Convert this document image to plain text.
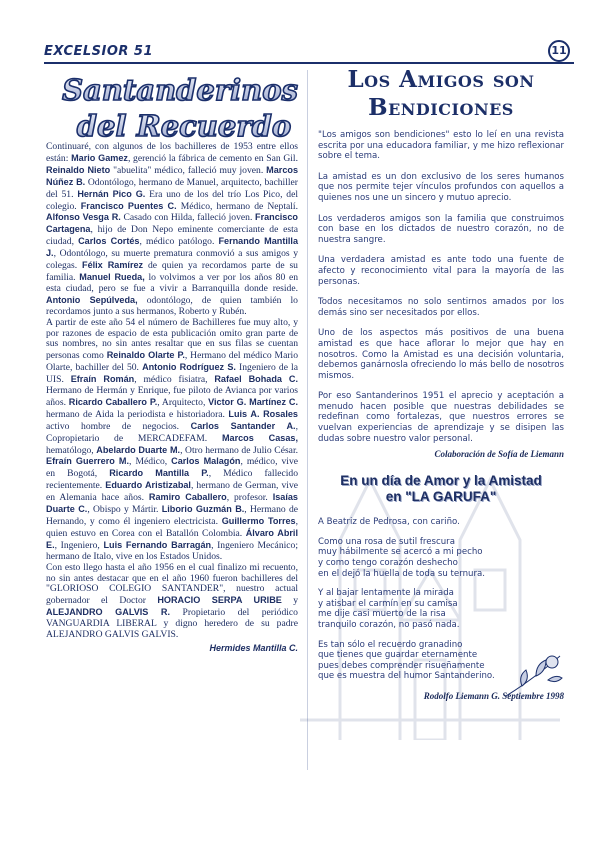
EXCELSIOR 51	11
Santanderinos
del Recuerdo

Continuaré, con algunos de los bachilleres de 1953 entre ellos están: Mario Gamez, gerenció la fábrica de cemento en San Gil. Reinaldo Nieto "abuelita" médico, falleció muy joven. Marcos Núñez B. Odontólogo, hermano de Manuel, arquitecto, bachiller del 51. Hernán Pico G. Era uno de los del trío Los Pico, del colegio. Francisco Puentes C. Médico, hermano de Neptalí. Alfonso Vesga R. Casado con Hilda, falleció joven. Francisco Cartagena, hijo de Don Nepo eminente comerciante de esta ciudad, Carlos Cortés, médico patólogo. Fernando Mantilla J., Odontólogo, su muerte prematura conmovió a sus amigos y colegas. Félix Ramírez de quien ya recordamos parte de su familia. Manuel Rueda, lo volvimos a ver por los años 80 en esta ciudad, pero se fue a vivir a Barranquilla donde reside. Antonio Sepúlveda, odontólogo, de quien también lo recordamos junto a sus hermanos, Roberto y Rubén.

A partir de este año 54 el número de Bachilleres fue muy alto, y por razones de espacio de esta publicación omito gran parte de sus nombres, no sin antes resaltar que en sus filas se cuentan personas como Reinaldo Olarte P., Hermano del médico Mario Olarte, bachiller del 50. Antonio Rodríguez S. Ingeniero de la UIS. Efraín Román, médico fisiatra, Rafael Bohada C. Hermano de Hermán y Enrique, fue piloto de Avianca por varios años. Ricardo Caballero P., Arquitecto, Victor G. Martínez C. hermano de Aida la periodista e historiadora. Luis A. Rosales activo hombre de negocios. Carlos Santander A., Copropietario de MERCADEFAM. Marcos Casas, hematólogo, Abelardo Duarte M., Otro hermano de Julio César. Efraín Guerrero M., Médico, Carlos Malagón, médico, vive en Bogotá, Ricardo Mantilla P., Médico fallecido recientemente. Eduardo Aristizabal, hermano de German, vive en Alemania hace años. Ramiro Caballero, profesor. Isaías Duarte C., Obispo y Mártir. Liborio Guzmán B., Hermano de Hernando, y como él ingeniero electricista. Guillermo Torres, quien estuvo en Corea con el Batallón Colombia. Álvaro Abril E., Ingeniero, Luis Fernando Barragán, Ingeniero Mecánico; hermano de Italo, vive en los Estados Unidos.

Con esto llego hasta el año 1956 en el cual finalizo mi recuento, no sin antes destacar que en el año 1960 fueron bachilleres del "GLORIOSO COLEGIO SANTANDER", nuestro actual gobernador el Doctor HORACIO SERPA URIBE y ALEJANDRO GALVIS R. Propietario del periódico VANGUARDIA LIBERAL y digno heredero de su padre ALEJANDRO GALVIS GALVIS.

Hermides Mantilla C.
Los Amigos son
Bendiciones

"Los amigos son bendiciones" esto lo leí en una revista escrita por una educadora familiar, y me hizo reflexionar sobre el tema.

La amistad es un don exclusivo de los seres humanos que nos permite tejer vínculos profundos con aquellos a quienes nos une un sincero y mutuo aprecio.

Los verdaderos amigos son la familia que construimos con base en los dictados de nuestro corazón, no de nuestra sangre.

Una verdadera amistad es ante todo una fuente de afecto y reconocimiento vital para la mayoría de las personas.

Todos necesitamos no solo sentirnos amados por los demás sino ser necesitados por ellos.

Uno de los aspectos más positivos de una buena amistad es que hace aflorar lo mejor que hay en nosotros. Como la Amistad es una decisión voluntaria, debemos ganárnosla ofreciendo lo más bello de nosotros mismos.

Por eso Santanderinos 1951 el aprecio y aceptación a menudo hacen posible que nuestras debilidades se redefinan como fortalezas, que nuestros errores se vuelvan experiencias de aprendizaje y se disipen las dudas sobre nuestro valor personal.

Colaboración de Sofía de Liemann
En un día de Amor y la Amistad
en "LA GARUFA"
A Beatriz de Pedrosa, con cariño.
Como una rosa de sutil frescura
muy hábilmente se acercó a mi pecho
y como tengo corazón deshecho
en el dejó la huella de toda su ternura.
Y al bajar lentamente la mirada
y atisbar el carmín en su camisa
me dije casi muerto de la risa
tranquilo corazón, no pasó nada.
Es tan sólo el recuerdo granadino
que tienes que guardar eternamente
pues debes comprender risueñamente
que es muestra del humor Santanderino.
Rodolfo Liemann G. Septiembre 1998
